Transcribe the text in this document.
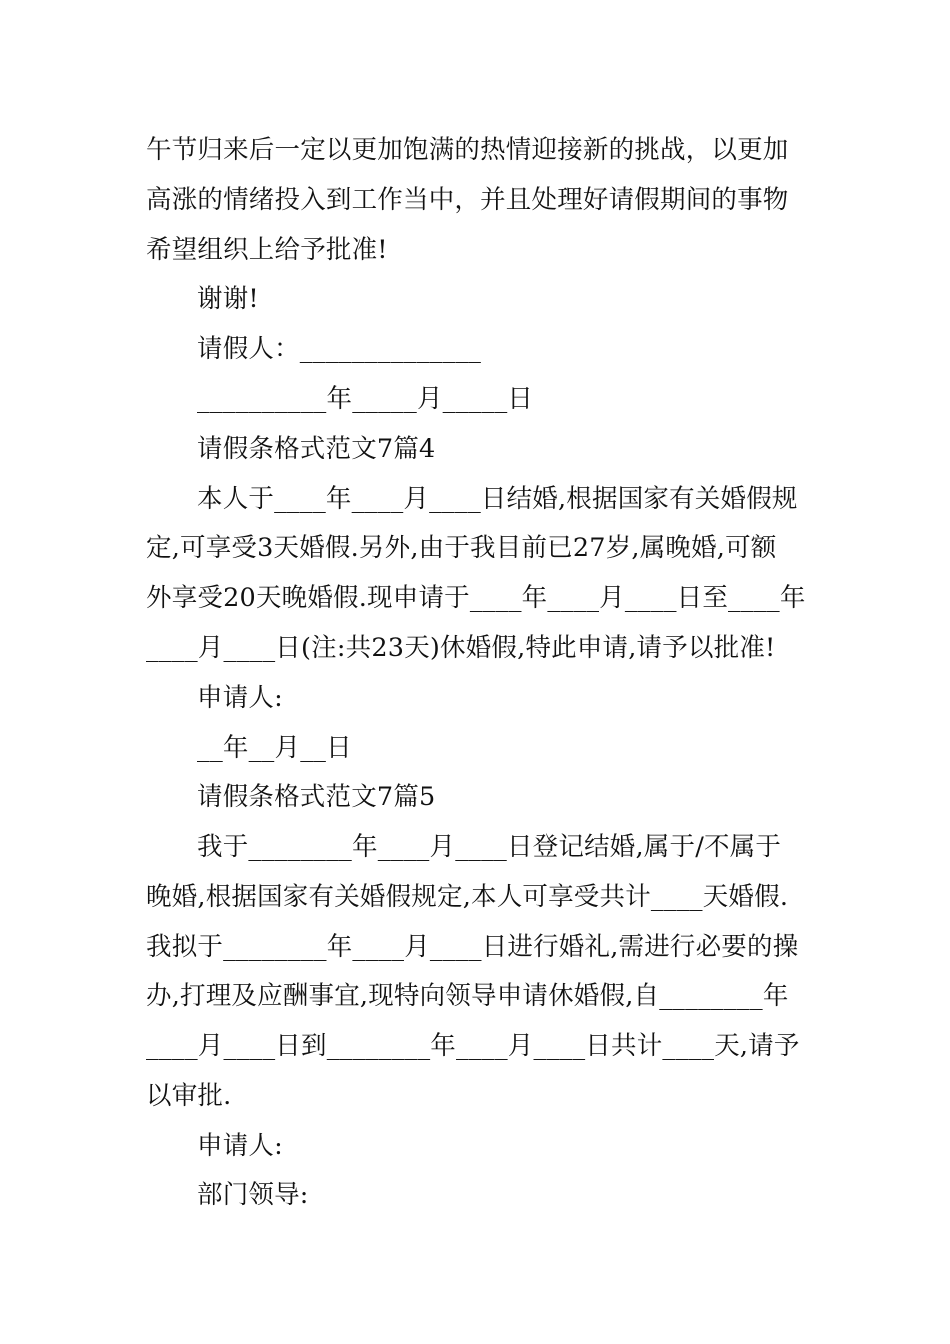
午节归来后一定以更加饱满的热情迎接新的挑战，以更加
高涨的情绪投入到工作当中，并且处理好请假期间的事物
希望组织上给予批准!
谢谢!
请假人：______________
__________年_____月_____日
请假条格式范文7篇4
本人于____年____月____日结婚,根据国家有关婚假规
定,可享受3天婚假.另外,由于我目前已27岁,属晚婚,可额
外享受20天晚婚假.现申请于____年____月____日至____年
____月____日(注:共23天)休婚假,特此申请,请予以批准!
申请人:
__年__月__日
请假条格式范文7篇5
我于________年____月____日登记结婚,属于/不属于
晚婚,根据国家有关婚假规定,本人可享受共计____天婚假.
我拟于________年____月____日进行婚礼,需进行必要的操
办,打理及应酬事宜,现特向领导申请休婚假,自________年
____月____日到________年____月____日共计____天,请予
以审批.
申请人:
部门领导:
